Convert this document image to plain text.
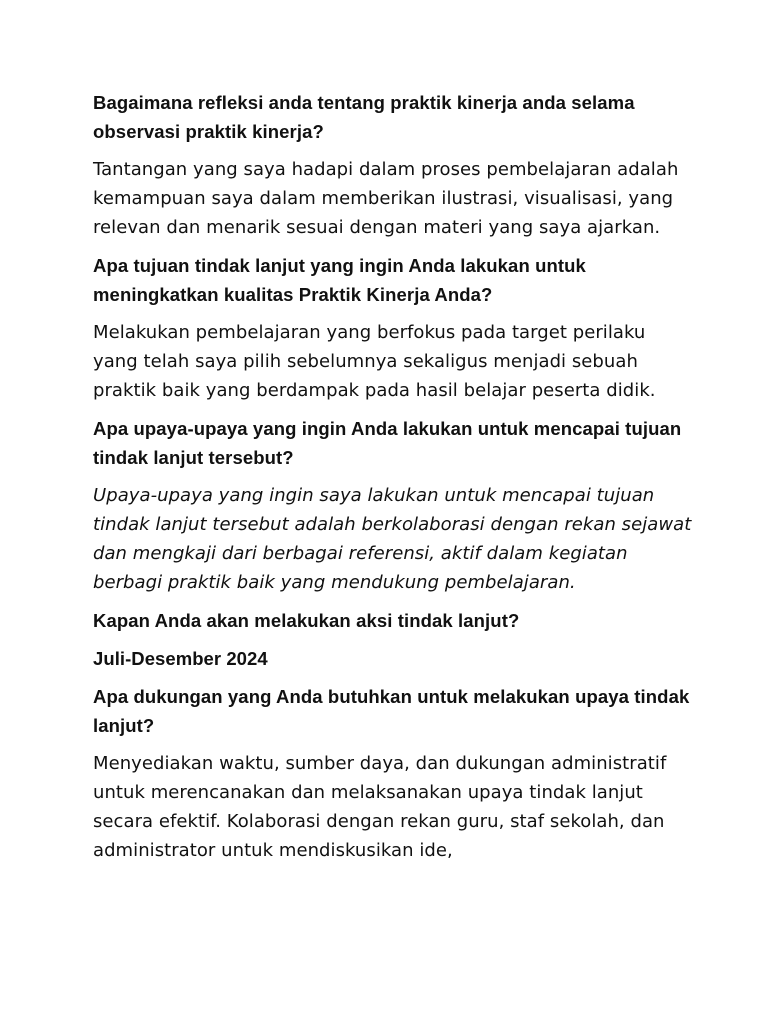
Bagaimana refleksi anda tentang praktik kinerja anda selama observasi praktik kinerja?

Tantangan yang saya hadapi dalam proses pembelajaran adalah kemampuan saya dalam memberikan ilustrasi, visualisasi, yang relevan dan menarik sesuai dengan materi yang saya ajarkan.

Apa tujuan tindak lanjut yang ingin Anda lakukan untuk meningkatkan kualitas Praktik Kinerja Anda?

Melakukan pembelajaran yang berfokus pada target perilaku yang telah saya pilih sebelumnya sekaligus menjadi sebuah praktik baik yang berdampak pada hasil belajar peserta didik.

Apa upaya-upaya yang ingin Anda lakukan untuk mencapai tujuan tindak lanjut tersebut?

Upaya-upaya yang ingin saya lakukan untuk mencapai tujuan tindak lanjut tersebut adalah berkolaborasi dengan rekan sejawat dan mengkaji dari berbagai referensi, aktif dalam kegiatan berbagi praktik baik yang mendukung pembelajaran.

Kapan Anda akan melakukan aksi tindak lanjut?

Juli-Desember 2024

Apa dukungan yang Anda butuhkan untuk melakukan upaya tindak lanjut?

Menyediakan waktu, sumber daya, dan dukungan administratif untuk merencanakan dan melaksanakan upaya tindak lanjut secara efektif. Kolaborasi dengan rekan guru, staf sekolah, dan administrator untuk mendiskusikan ide,
